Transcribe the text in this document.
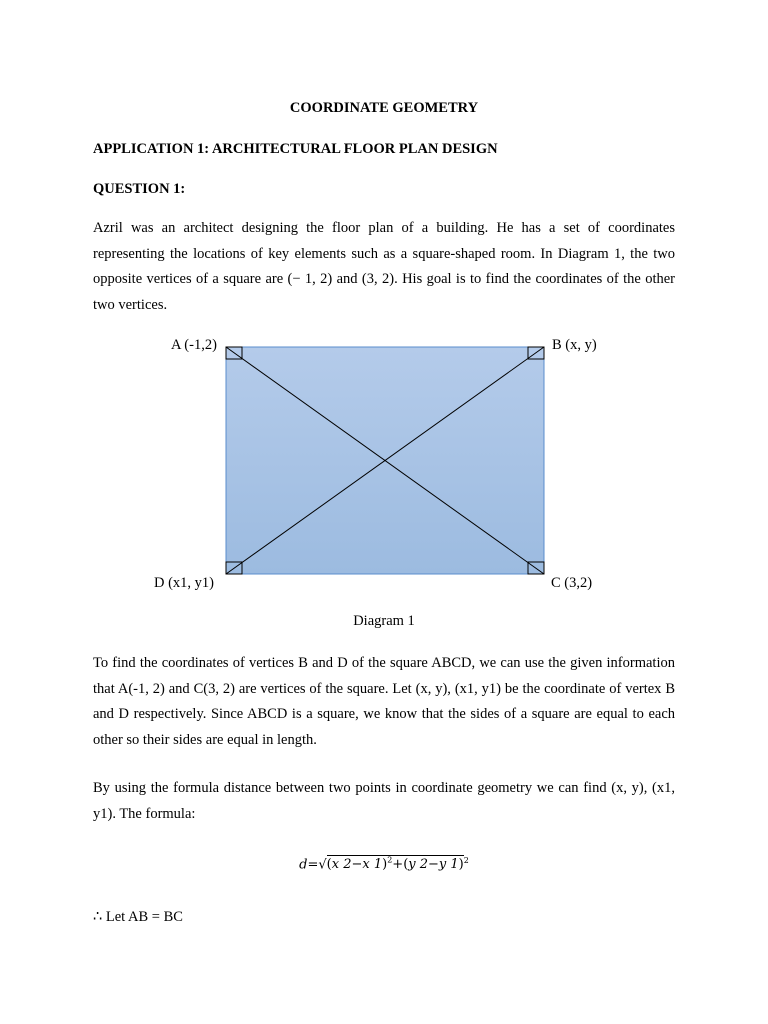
COORDINATE GEOMETRY
APPLICATION 1: ARCHITECTURAL FLOOR PLAN DESIGN
QUESTION 1:
Azril was an architect designing the floor plan of a building. He has a set of coordinates representing the locations of key elements such as a square-shaped room. In Diagram 1, the two opposite vertices of a square are (− 1, 2) and (3, 2). His goal is to find the coordinates of the other two vertices.
A (-1,2)	B (x, y)
D (x1, y1)	C (3,2)
Diagram 1
To find the coordinates of vertices B and D of the square ABCD, we can use the given information that A(-1, 2) and C(3, 2) are vertices of the square. Let (x, y), (x1, y1) be the coordinate of vertex B and D respectively. Since ABCD is a square, we know that the sides of a square are equal to each other so their sides are equal in length.
By using the formula distance between two points in coordinate geometry we can find (x, y), (x1, y1). The formula:
d=√(x 2−x 1)$^2$+(y 2−y 1)$^2$
∴ Let AB = BC
